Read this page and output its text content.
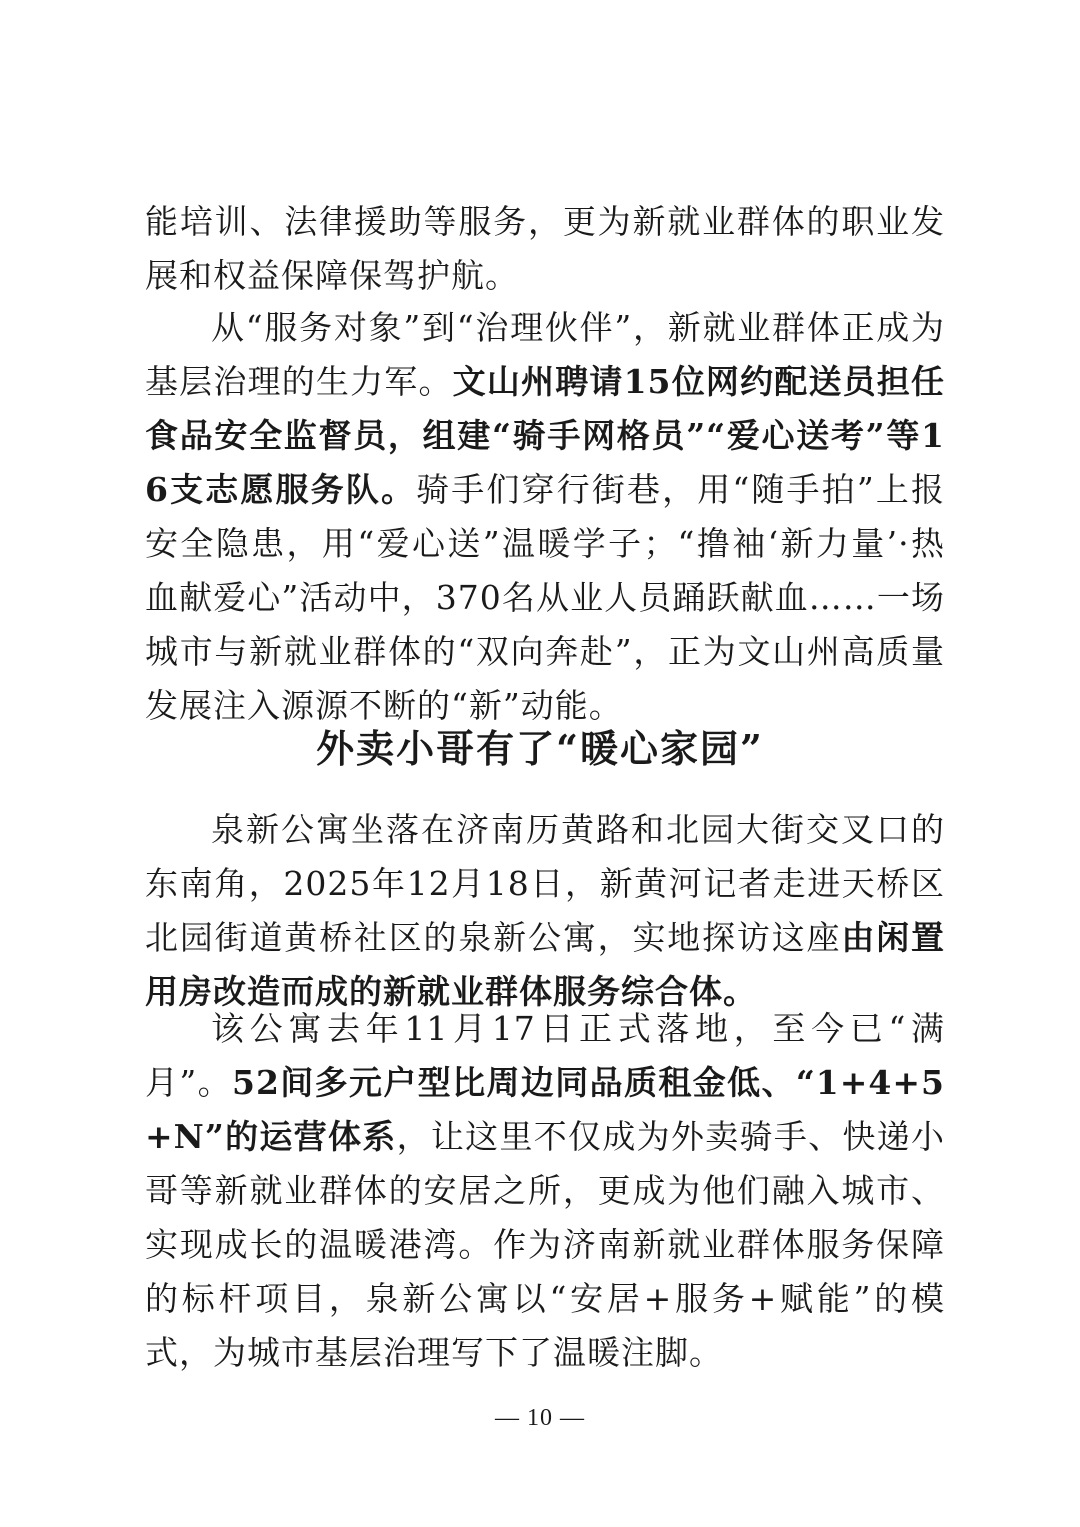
能培训、法律援助等服务，更为新就业群体的职业发展和权益保障保驾护航。

从“服务对象”到“治理伙伴”，新就业群体正成为基层治理的生力军。文山州聘请15位网约配送员担任食品安全监督员，组建“骑手网格员”“爱心送考”等16支志愿服务队。骑手们穿行街巷，用“随手拍”上报安全隐患，用“爱心送”温暖学子；“撸袖‘新力量’·热血献爱心”活动中，370名从业人员踊跃献血……一场城市与新就业群体的“双向奔赴”，正为文山州高质量发展注入源源不断的“新”动能。

外卖小哥有了“暖心家园”

泉新公寓坐落在济南历黄路和北园大街交叉口的东南角，2025年12月18日，新黄河记者走进天桥区北园街道黄桥社区的泉新公寓，实地探访这座由闲置用房改造而成的新就业群体服务综合体。

该公寓去年11月17日正式落地，至今已“满月”。52间多元户型比周边同品质租金低、“1+4+5+N”的运营体系，让这里不仅成为外卖骑手、快递小哥等新就业群体的安居之所，更成为他们融入城市、实现成长的温暖港湾。作为济南新就业群体服务保障的标杆项目，泉新公寓以“安居+服务+赋能”的模式，为城市基层治理写下了温暖注脚。

— 10 —
